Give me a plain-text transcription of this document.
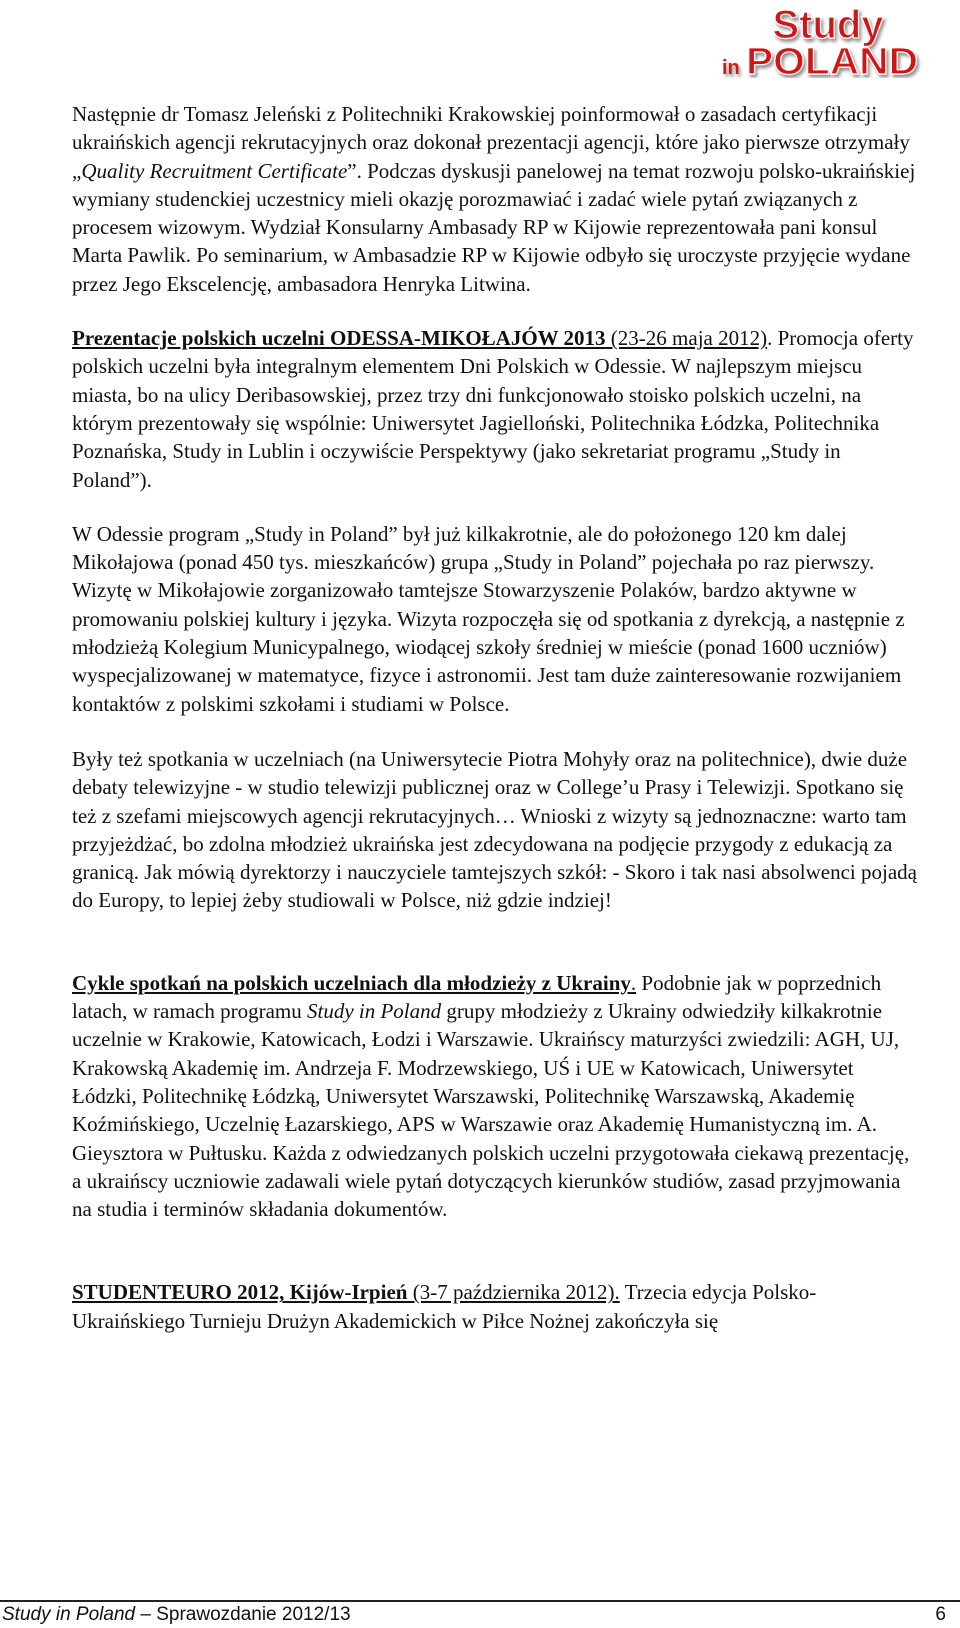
Study
in POLAND

Następnie dr Tomasz Jeleński z Politechniki Krakowskiej poinformował o zasadach certyfikacji ukraińskich agencji rekrutacyjnych oraz dokonał prezentacji agencji, które jako pierwsze otrzymały „Quality Recruitment Certificate”. Podczas dyskusji panelowej na temat rozwoju polsko-ukraińskiej wymiany studenckiej uczestnicy mieli okazję porozmawiać i zadać wiele pytań związanych z procesem wizowym. Wydział Konsularny Ambasady RP w Kijowie reprezentowała pani konsul Marta Pawlik. Po seminarium, w Ambasadzie RP w Kijowie odbyło się uroczyste przyjęcie wydane przez Jego Ekscelencję, ambasadora Henryka Litwina.

Prezentacje polskich uczelni ODESSA-MIKOŁAJÓW 2013 (23-26 maja 2012). Promocja oferty polskich uczelni była integralnym elementem Dni Polskich w Odessie. W najlepszym miejscu miasta, bo na ulicy Deribasowskiej, przez trzy dni funkcjonowało stoisko polskich uczelni, na którym prezentowały się wspólnie: Uniwersytet Jagielloński, Politechnika Łódzka, Politechnika Poznańska, Study in Lublin i oczywiście Perspektywy (jako sekretariat programu „Study in Poland”).

W Odessie program „Study in Poland” był już kilkakrotnie, ale do położonego 120 km dalej Mikołajowa (ponad 450 tys. mieszkańców) grupa „Study in Poland” pojechała po raz pierwszy. Wizytę w Mikołajowie zorganizowało tamtejsze Stowarzyszenie Polaków, bardzo aktywne w promowaniu polskiej kultury i języka. Wizyta rozpoczęła się od spotkania z dyrekcją, a następnie z młodzieżą Kolegium Municypalnego, wiodącej szkoły średniej w mieście (ponad 1600 uczniów) wyspecjalizowanej w matematyce, fizyce i astronomii. Jest tam duże zainteresowanie rozwijaniem kontaktów z polskimi szkołami i studiami w Polsce.

Były też spotkania w uczelniach (na Uniwersytecie Piotra Mohyły oraz na politechnice), dwie duże debaty telewizyjne - w studio telewizji publicznej oraz w College’u Prasy i Telewizji. Spotkano się też z szefami miejscowych agencji rekrutacyjnych… Wnioski z wizyty są jednoznaczne: warto tam przyjeżdżać, bo zdolna młodzież ukraińska jest zdecydowana na podjęcie przygody z edukacją za granicą. Jak mówią dyrektorzy i nauczyciele tamtejszych szkół: - Skoro i tak nasi absolwenci pojadą do Europy, to lepiej żeby studiowali w Polsce, niż gdzie indziej!

Cykle spotkań na polskich uczelniach dla młodzieży z Ukrainy. Podobnie jak w poprzednich latach, w ramach programu Study in Poland grupy młodzieży z Ukrainy odwiedziły kilkakrotnie uczelnie w Krakowie, Katowicach, Łodzi i Warszawie. Ukraińscy maturzyści zwiedzili: AGH, UJ, Krakowską Akademię im. Andrzeja F. Modrzewskiego, UŚ i UE w Katowicach, Uniwersytet Łódzki, Politechnikę Łódzką, Uniwersytet Warszawski, Politechnikę Warszawską, Akademię Koźmińskiego, Uczelnię Łazarskiego, APS w Warszawie oraz Akademię Humanistyczną im. A. Gieysztora w Pułtusku. Każda z odwiedzanych polskich uczelni przygotowała ciekawą prezentację, a ukraińscy uczniowie zadawali wiele pytań dotyczących kierunków studiów, zasad przyjmowania na studia i terminów składania dokumentów.

STUDENTEURO 2012, Kijów-Irpień (3-7 października 2012). Trzecia edycja Polsko-Ukraińskiego Turnieju Drużyn Akademickich w Piłce Nożnej zakończyła się

Study in Poland – Sprawozdanie 2012/13	6
